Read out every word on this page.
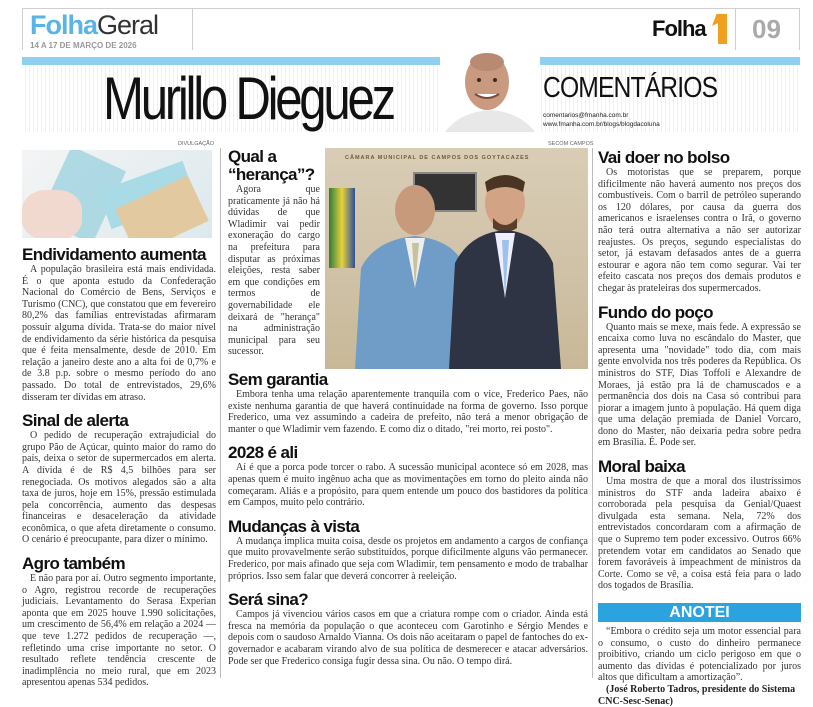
FolhaGeral
14 A 17 DE MARÇO DE 2026
Folha 09
Murillo Dieguez	COMENTÁRIOS
comentarios@fmanha.com.br
www.fmanha.com.br/blogs/blogdacoluna
DIVULGAÇÃO	SECOM CAMPOS
Endividamento aumenta

A população brasileira está mais endividada. É o que aponta estudo da Confederação Nacional do Comércio de Bens, Serviços e Turismo (CNC), que constatou que em fevereiro 80,2% das famílias entrevistadas afirmaram possuir alguma dívida. Trata-se do maior nível de endividamento da série histórica da pesquisa que é feita mensalmente, desde de 2010. Em relação a janeiro deste ano a alta foi de 0,7% e de 3.8 p.p. sobre o mesmo período do ano passado. Do total de entrevistados, 29,6% disseram ter dívidas em atraso.

Sinal de alerta

O pedido de recuperação extrajudicial do grupo Pão de Açúcar, quinto maior do ramo do país, deixa o setor de supermercados em alerta. A dívida é de R$ 4,5 bilhões para ser renegociada. Os motivos alegados são a alta taxa de juros, hoje em 15%, pressão estimulada pela concorrência, aumento das despesas financeiras e desaceleração da atividade econômica, o que afeta diretamente o consumo. O cenário é preocupante, para dizer o mínimo.

Agro também

E não para por aí. Outro segmento importante, o Agro, registrou recorde de recuperações judiciais. Levantamento do Serasa Experian aponta que em 2025 houve 1.990 solicitações, um crescimento de 56,4% em relação a 2024 — que teve 1.272 pedidos de recuperação —, refletindo uma crise importante no setor. O resultado reflete tendência crescente de inadimplência no meio rural, que em 2023 apresentou apenas 534 pedidos.

Qual a “herança”?

Agora que praticamente já não há dúvidas de que Wladimir vai pedir exoneração do cargo na prefeitura para disputar as próximas eleições, resta saber em que condições em termos de governabilidade ele deixará de "herança" na administração municipal para seu sucessor.

CÂMARA MUNICIPAL DE CAMPOS DOS GOYTACAZES
Sem garantia

Embora tenha uma relação aparentemente tranquila com o vice, Frederico Paes, não existe nenhuma garantia de que haverá continuidade na forma de governo. Isso porque Frederico, uma vez assumindo a cadeira de prefeito, não terá a menor obrigação de manter o que Wladimir vem fazendo. E como diz o ditado, "rei morto, rei posto".

2028 é ali

Aí é que a porca pode torcer o rabo. A sucessão municipal acontece só em 2028, mas apenas quem é muito ingênuo acha que as movimentações em torno do pleito ainda não começaram. Aliás e a propósito, para quem entende um pouco dos bastidores da política em Campos, muito pelo contrário.

Mudanças à vista

A mudança implica muita coisa, desde os projetos em andamento a cargos de confiança que muito provavelmente serão substituídos, porque dificilmente alguns vão permanecer. Frederico, por mais afinado que seja com Wladimir, tem pensamento e modo de trabalhar próprios. Isso sem falar que deverá concorrer à reeleição.

Será sina?

Campos já vivenciou vários casos em que a criatura rompe com o criador. Ainda está fresca na memória da população o que aconteceu com Garotinho e Sérgio Mendes e depois com o saudoso Arnaldo Vianna. Os dois não aceitaram o papel de fantoches do ex-governador e acabaram virando alvo de sua política de desmerecer e atacar adversários. Pode ser que Frederico consiga fugir dessa sina. Ou não. O tempo dirá.

Vai doer no bolso

Os motoristas que se preparem, porque dificilmente não haverá aumento nos preços dos combustíveis. Com o barril de petróleo superando os 120 dólares, por causa da guerra dos americanos e israelenses contra o Irã, o governo não terá outra alternativa a não ser autorizar reajustes. Os preços, segundo especialistas do setor, já estavam defasados antes de a guerra estourar e agora não tem como segurar. Vai ter efeito cascata nos preços dos demais produtos e chegar às prateleiras dos supermercados.

Fundo do poço

Quanto mais se mexe, mais fede. A expressão se encaixa como luva no escândalo do Master, que apresenta uma "novidade" todo dia, com mais gente envolvida nos três poderes da República. Os ministros do STF, Dias Toffoli e Alexandre de Moraes, já estão pra lá de chamuscados e a permanência dos dois na Casa só contribui para piorar a imagem junto à população. Há quem diga que uma delação premiada de Daniel Vorcaro, dono do Master, não deixaria pedra sobre pedra em Brasília. É. Pode ser.

Moral baixa

Uma mostra de que a moral dos ilustríssimos ministros do STF anda ladeira abaixo é corroborada pela pesquisa da Genial/Quaest divulgada esta semana. Nela, 72% dos entrevistados concordaram com a afirmação de que o Supremo tem poder excessivo. Outros 66% pretendem votar em candidatos ao Senado que forem favoráveis à impeachment de ministros da Corte. Como se vê, a coisa está feia para o lado dos togados de Brasília.

ANOTEI

“Embora o crédito seja um motor essencial para o consumo, o custo do dinheiro permanece proibitivo, criando um ciclo perigoso em que o aumento das dívidas é potencializado por juros altos que dificultam a amortização”.

(José Roberto Tadros, presidente do Sistema CNC-Sesc-Senac)
